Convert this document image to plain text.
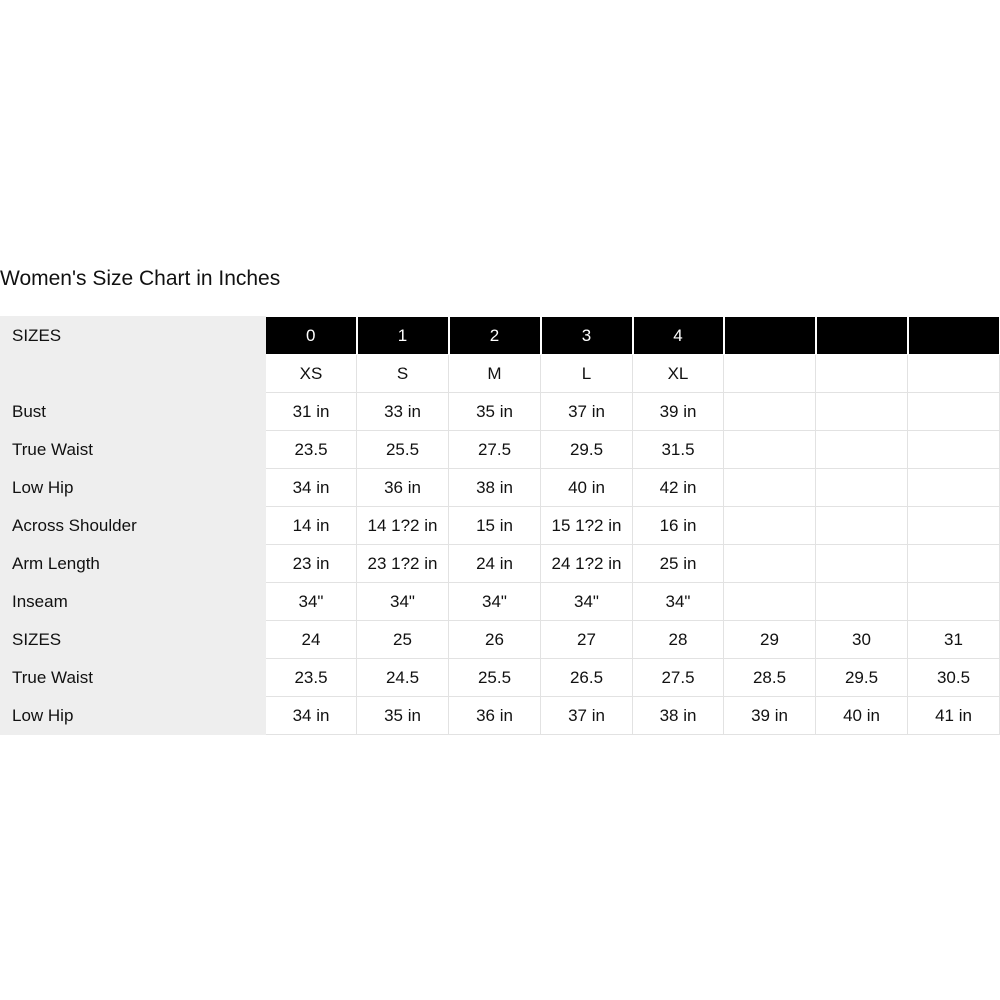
Women's Size Chart in Inches
SIZES	0	1	2	3	4			
	XS	S	M	L	XL			
Bust	31 in	33 in	35 in	37 in	39 in			
True Waist	23.5	25.5	27.5	29.5	31.5			
Low Hip	34 in	36 in	38 in	40 in	42 in			
Across Shoulder	14 in	14 1?2 in	15 in	15 1?2 in	16 in			
Arm Length	23 in	23 1?2 in	24 in	24 1?2 in	25 in			
Inseam	34"	34"	34"	34"	34"			
SIZES	24	25	26	27	28	29	30	31
True Waist	23.5	24.5	25.5	26.5	27.5	28.5	29.5	30.5
Low Hip	34 in	35 in	36 in	37 in	38 in	39 in	40 in	41 in
